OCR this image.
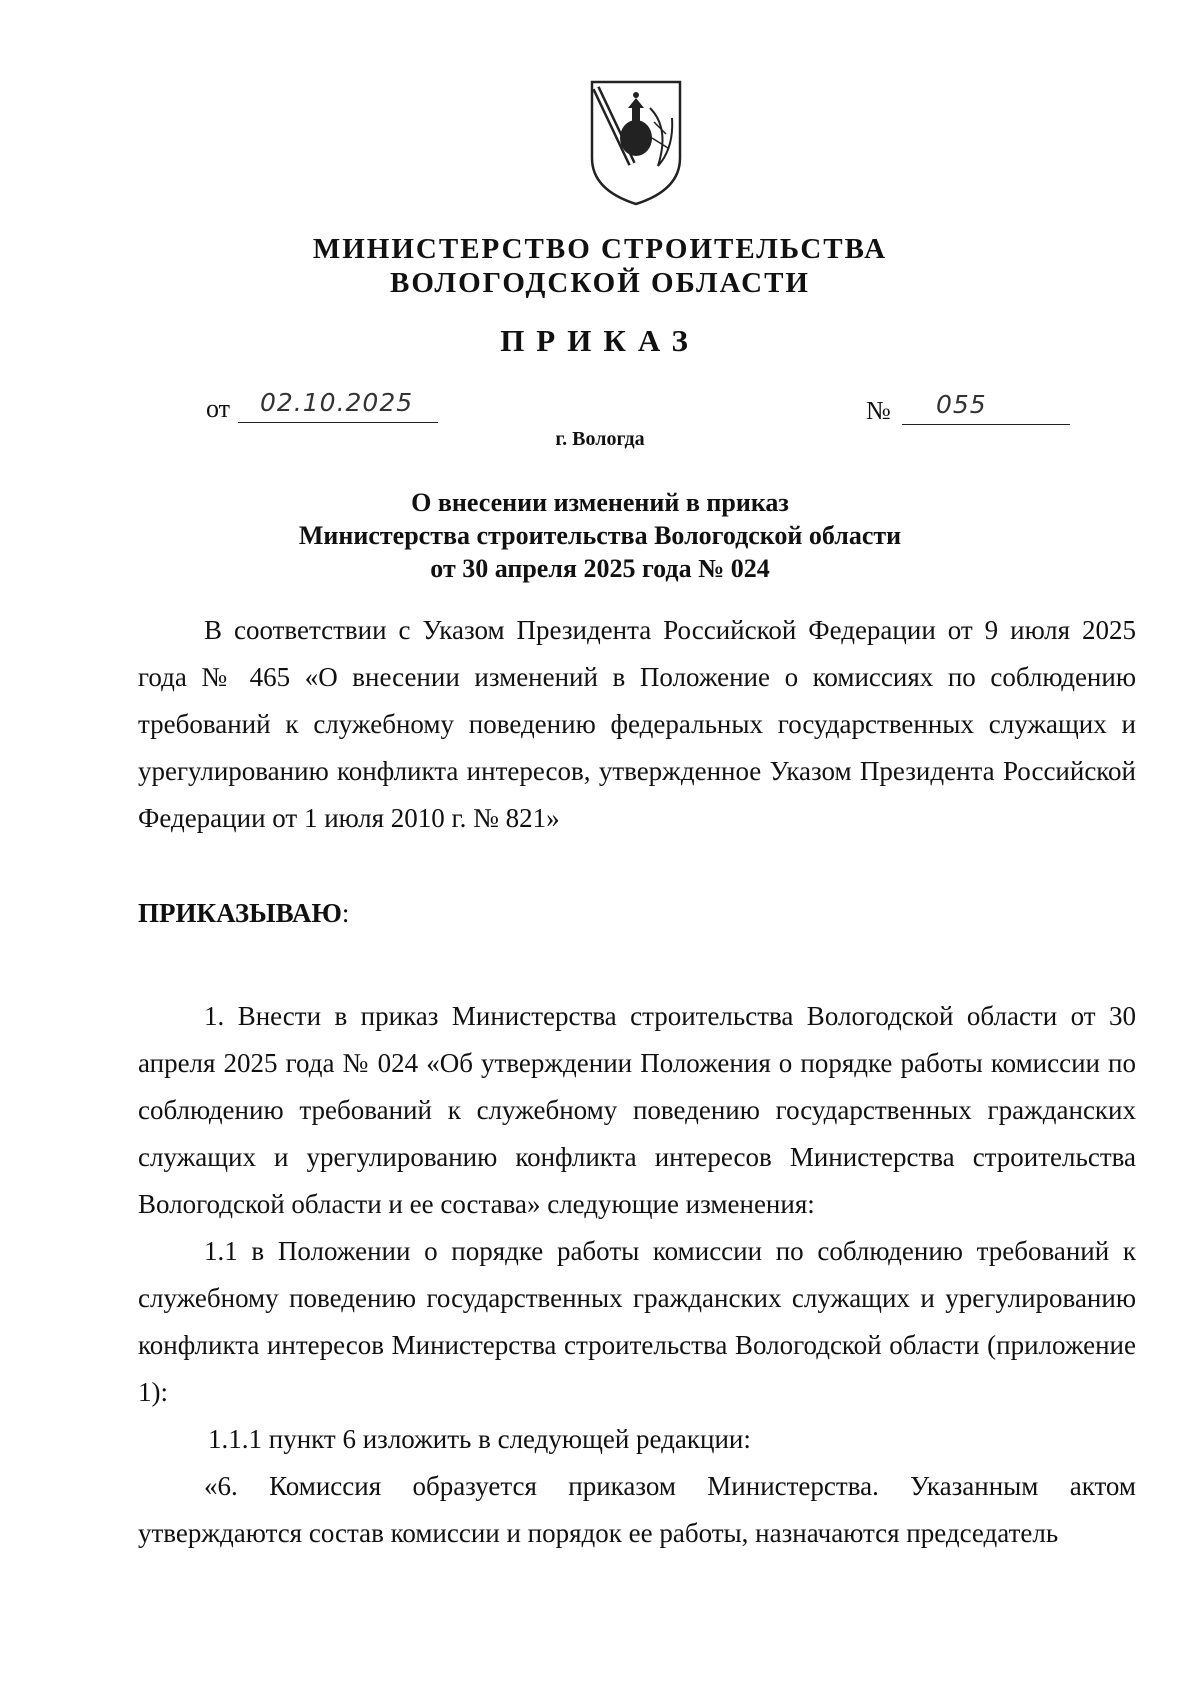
МИНИСТЕРСТВО СТРОИТЕЛЬСТВА
ВОЛОГОДСКОЙ ОБЛАСТИ
ПРИКАЗ
от 02.10.2025	№ 055
г. Вологда
О внесении изменений в приказ
Министерства строительства Вологодской области
от 30 апреля 2025 года № 024

В соответствии с Указом Президента Российской Федерации от 9 июля 2025 года № 465 «О внесении изменений в Положение о комиссиях по соблюдению требований к служебному поведению федеральных государственных служащих и урегулированию конфликта интересов, утвержденное Указом Президента Российской Федерации от 1 июля 2010 г. № 821»

ПРИКАЗЫВАЮ:

1. Внести в приказ Министерства строительства Вологодской области от 30 апреля 2025 года № 024 «Об утверждении Положения о порядке работы комиссии по соблюдению требований к служебному поведению государственных гражданских служащих и урегулированию конфликта интересов Министерства строительства Вологодской области и ее состава» следующие изменения:

1.1 в Положении о порядке работы комиссии по соблюдению требований к служебному поведению государственных гражданских служащих и урегулированию конфликта интересов Министерства строительства Вологодской области (приложение 1):

1.1.1 пункт 6 изложить в следующей редакции:

«6. Комиссия образуется приказом Министерства. Указанным актом утверждаются состав комиссии и порядок ее работы, назначаются председатель
